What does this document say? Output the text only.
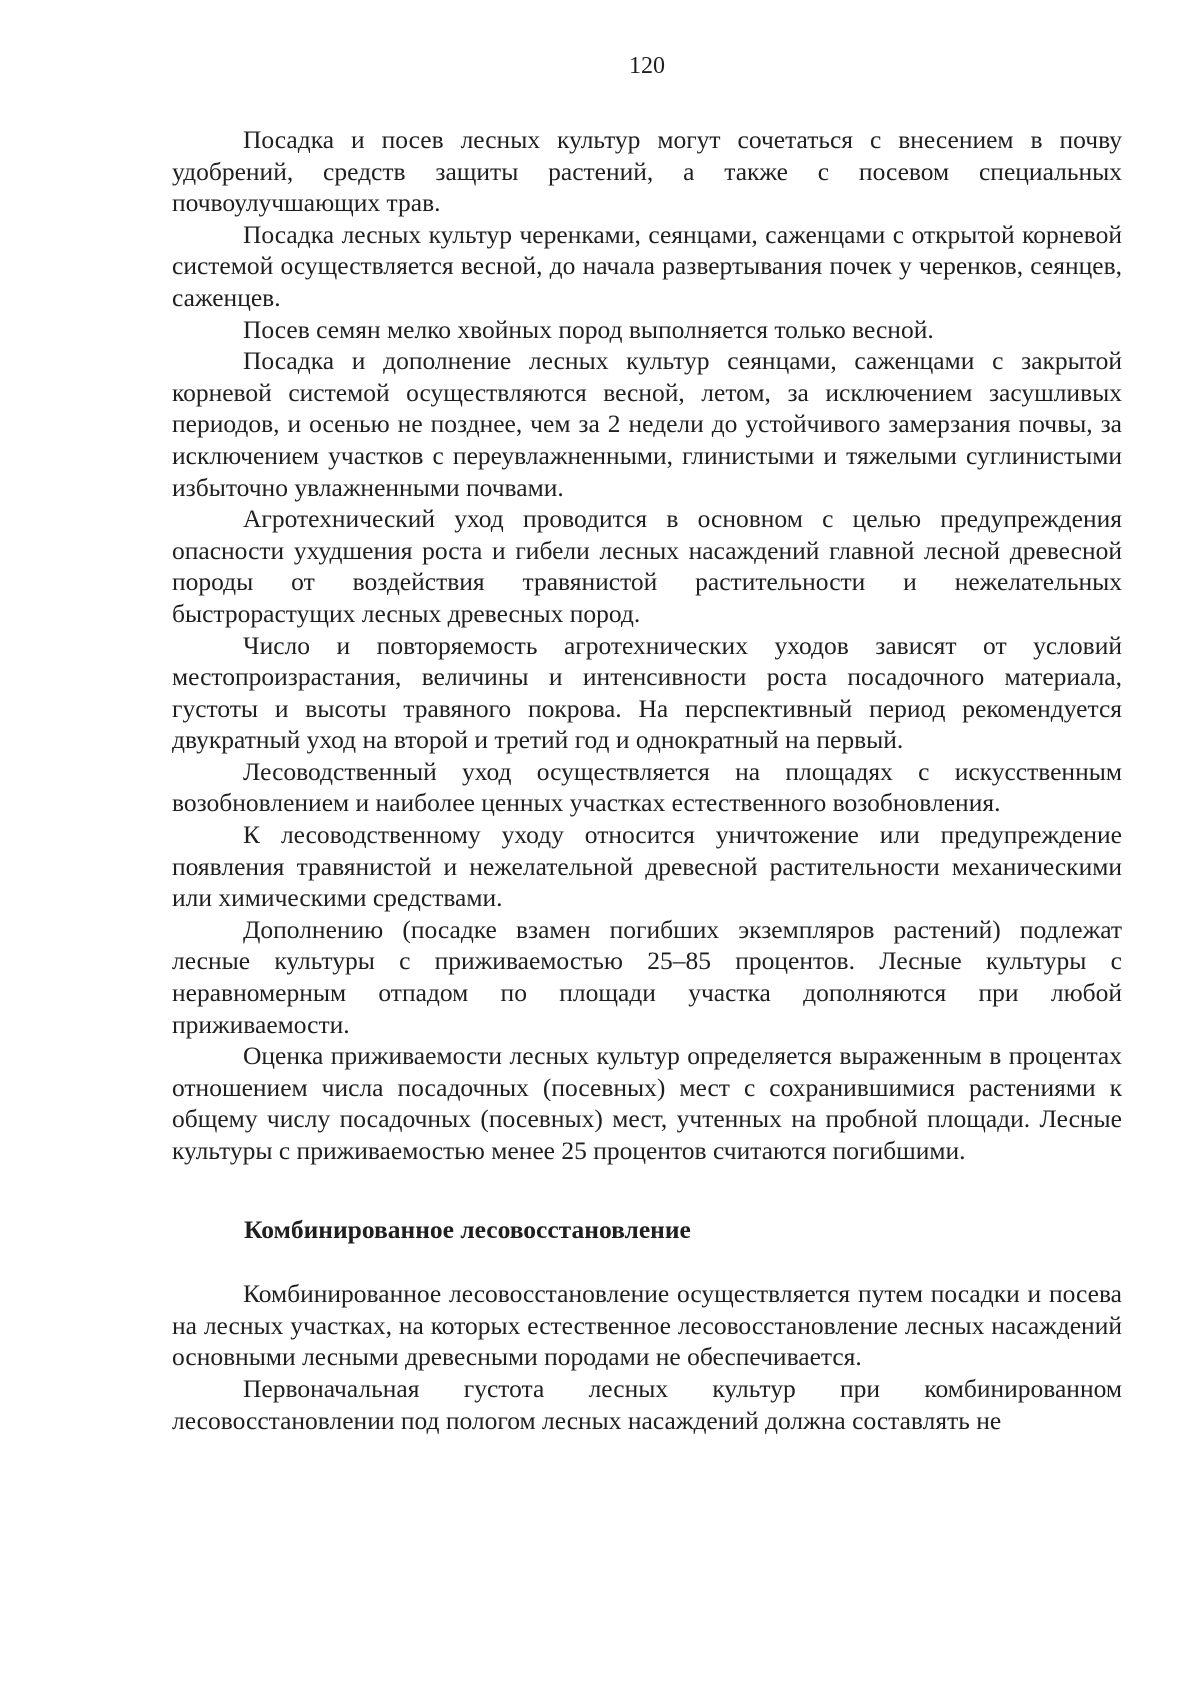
120

Посадка и посев лесных культур могут сочетаться с внесением в почву удобрений, средств защиты растений, а также с посевом специальных почвоулучшающих трав.

Посадка лесных культур черенками, сеянцами, саженцами с открытой корневой системой осуществляется весной, до начала развертывания почек у черенков, сеянцев, саженцев.

Посев семян мелко хвойных пород выполняется только весной.

Посадка и дополнение лесных культур сеянцами, саженцами с закрытой корневой системой осуществляются весной, летом, за исключением засушливых периодов, и осенью не позднее, чем за 2 недели до устойчивого замерзания почвы, за исключением участков с переувлажненными, глинистыми и тяжелыми суглинистыми избыточно увлажненными почвами.

Агротехнический уход проводится в основном с целью предупреждения опасности ухудшения роста и гибели лесных насаждений главной лесной древесной породы от воздействия травянистой растительности и нежелательных быстрорастущих лесных древесных пород.

Число и повторяемость агротехнических уходов зависят от условий местопроизрастания, величины и интенсивности роста посадочного материала, густоты и высоты травяного покрова. На перспективный период рекомендуется двукратный уход на второй и третий год и однократный на первый.

Лесоводственный уход осуществляется на площадях с искусственным возобновлением и наиболее ценных участках естественного возобновления.

К лесоводственному уходу относится уничтожение или предупреждение появления травянистой и нежелательной древесной растительности механическими или химическими средствами.

Дополнению (посадке взамен погибших экземпляров растений) подлежат лесные культуры с приживаемостью 25–85 процентов. Лесные культуры с неравномерным отпадом по площади участка дополняются при любой приживаемости.

Оценка приживаемости лесных культур определяется выраженным в процентах отношением числа посадочных (посевных) мест с сохранившимися растениями к общему числу посадочных (посевных) мест, учтенных на пробной площади. Лесные культуры с приживаемостью менее 25 процентов считаются погибшими.

Комбинированное лесовосстановление

Комбинированное лесовосстановление осуществляется путем посадки и посева на лесных участках, на которых естественное лесовосстановление лесных насаждений основными лесными древесными породами не обеспечивается.

Первоначальная густота лесных культур при комбинированном лесовосстановлении под пологом лесных насаждений должна составлять не
